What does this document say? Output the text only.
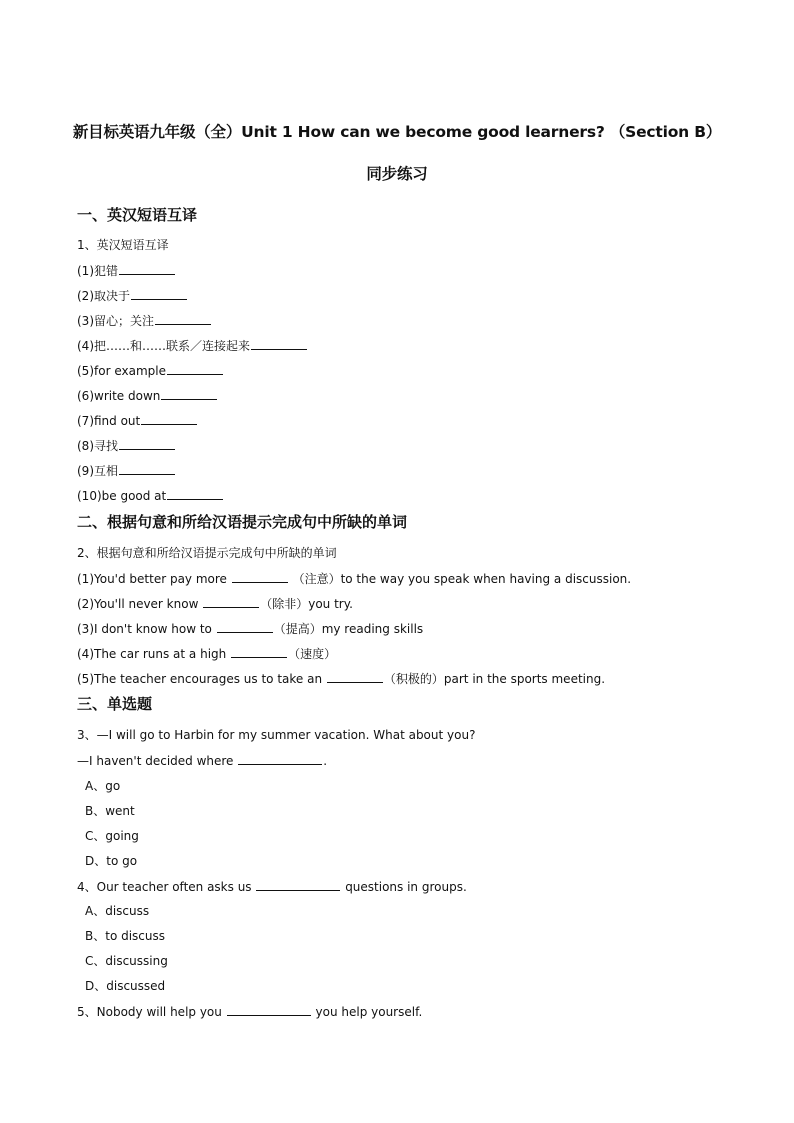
新目标英语九年级（全）Unit 1 How can we become good learners? （Section B）
同步练习
一、英汉短语互译
1、英汉短语互译
(1)犯错
(2)取决于
(3)留心；关注
(4)把……和……联系／连接起来
(5)for example
(6)write down
(7)find out
(8)寻找
(9)互相
(10)be good at
二、根据句意和所给汉语提示完成句中所缺的单词
2、根据句意和所给汉语提示完成句中所缺的单词
(1)You'd better pay more	（注意）to the way you speak when having a discussion.
(2)You'll never know	（除非）you try.
(3)I don't know how to	（提高）my reading skills
(4)The car runs at a high	（速度）
(5)The teacher encourages us to take an	（积极的）part in the sports meeting.
三、单选题
3、—I will go to Harbin for my summer vacation. What about you?
—I haven't decided where	.
A、go
B、went
C、going
D、to go
4、Our teacher often asks us	questions in groups.
A、discuss
B、to discuss
C、discussing
D、discussed
5、Nobody will help you	you help yourself.
